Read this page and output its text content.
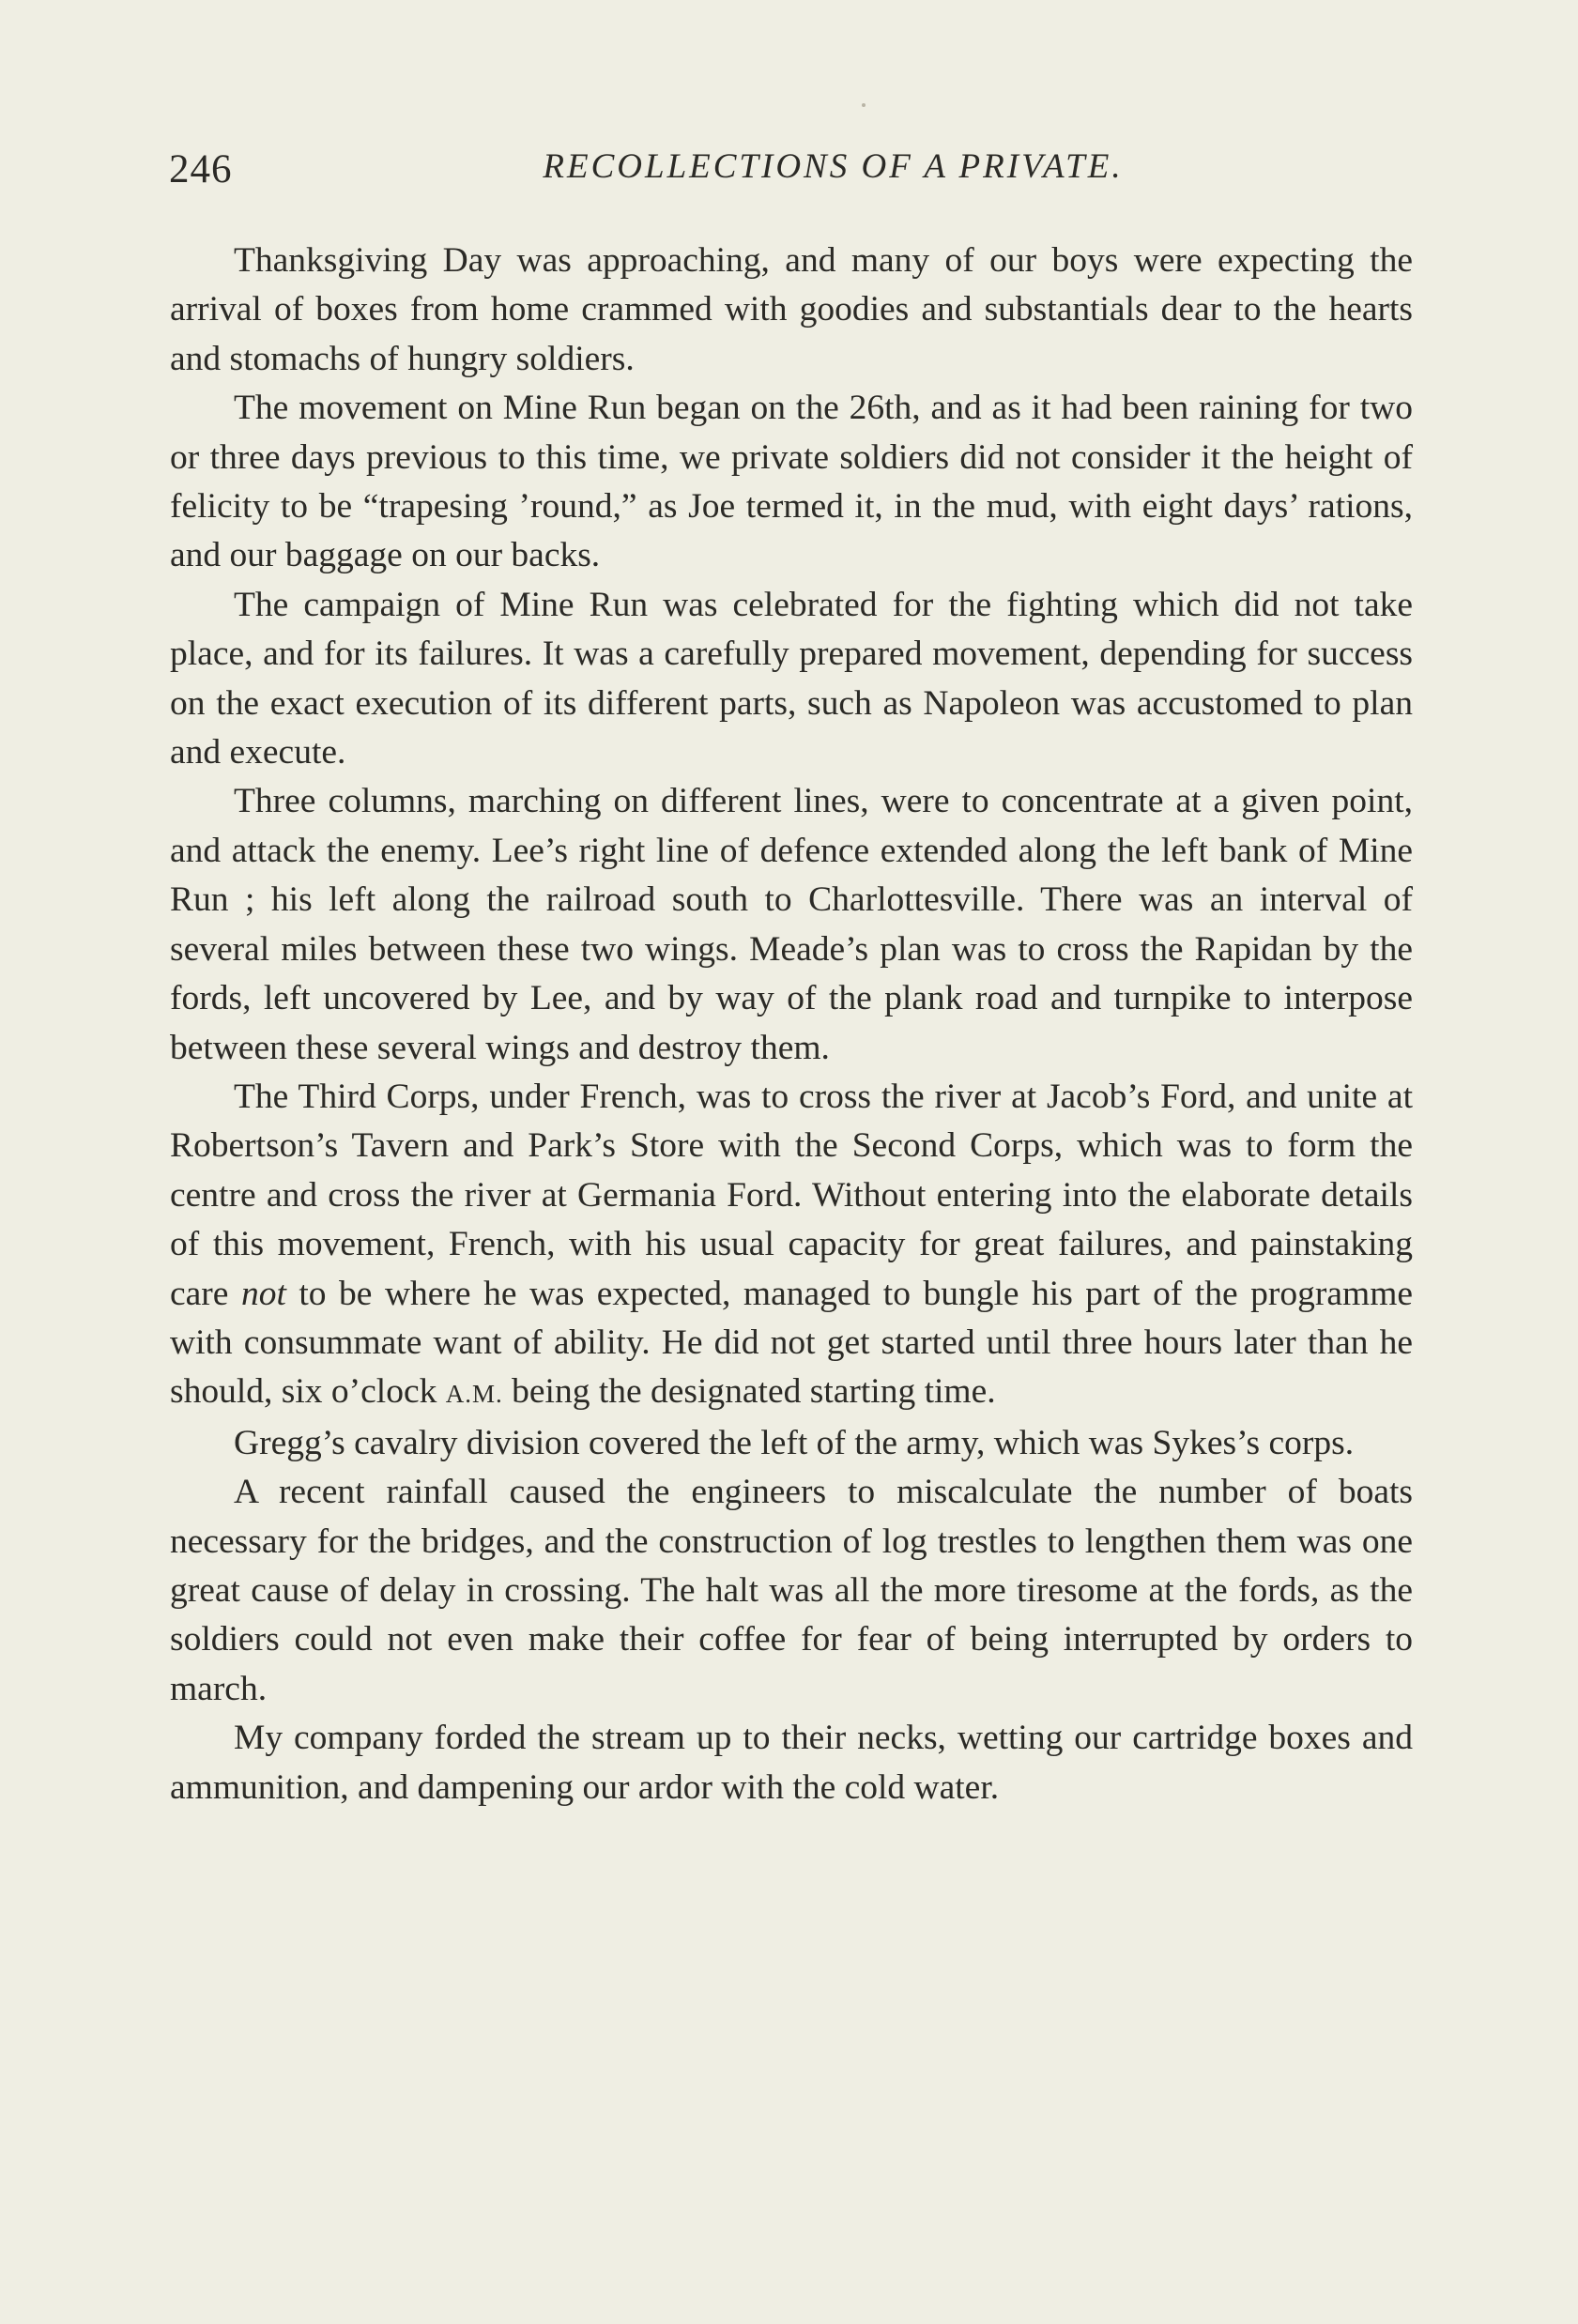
246	RECOLLECTIONS OF A PRIVATE.

Thanksgiving Day was approaching, and many of our boys were expecting the arrival of boxes from home crammed with goodies and substantials dear to the hearts and stomachs of hungry soldiers.

The movement on Mine Run began on the 26th, and as it had been raining for two or three days previous to this time, we private soldiers did not consider it the height of felicity to be “trapesing ’round,” as Joe termed it, in the mud, with eight days’ rations, and our baggage on our backs.

The campaign of Mine Run was celebrated for the fighting which did not take place, and for its failures. It was a carefully prepared movement, depending for success on the exact execution of its different parts, such as Napoleon was accustomed to plan and execute.

Three columns, marching on different lines, were to concentrate at a given point, and attack the enemy. Lee’s right line of defence extended along the left bank of Mine Run ; his left along the railroad south to Charlottesville. There was an interval of several miles between these two wings. Meade’s plan was to cross the Rapidan by the fords, left uncovered by Lee, and by way of the plank road and turnpike to interpose between these several wings and destroy them.

The Third Corps, under French, was to cross the river at Jacob’s Ford, and unite at Robertson’s Tavern and Park’s Store with the Second Corps, which was to form the centre and cross the river at Germania Ford. Without entering into the elaborate details of this movement, French, with his usual capacity for great failures, and painstaking care not to be where he was expected, managed to bungle his part of the programme with consummate want of ability. He did not get started until three hours later than he should, six o’clock A.M. being the designated starting time.

Gregg’s cavalry division covered the left of the army, which was Sykes’s corps.

A recent rainfall caused the engineers to miscalculate the number of boats necessary for the bridges, and the construction of log trestles to lengthen them was one great cause of delay in crossing. The halt was all the more tiresome at the fords, as the soldiers could not even make their coffee for fear of being interrupted by orders to march.

My company forded the stream up to their necks, wetting our cartridge boxes and ammunition, and dampening our ardor with the cold water.
